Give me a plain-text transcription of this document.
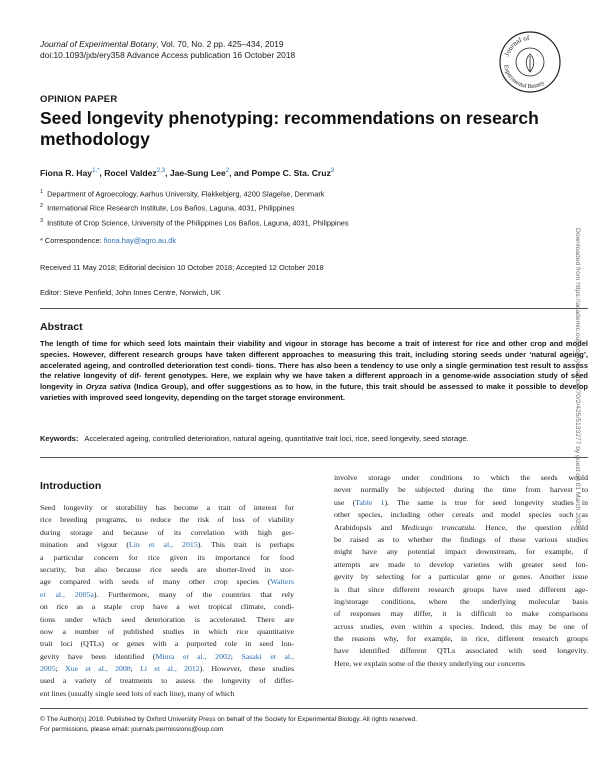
Journal of Experimental Botany, Vol. 70, No. 2 pp. 425–434, 2019
doi:10.1093/jxb/ery358 Advance Access publication 16 October 2018	Journal of
Experimental Botany
OPINION PAPER
Seed longevity phenotyping: recommendations on research methodology
Fiona R. Hay$^{1,*}$, Rocel Valdez$^{2,3}$, Jae-Sung Lee$^2$, and Pompe C. Sta. Cruz$^3$
$^1$ Department of Agroecology, Aarhus University, Flakkebjerg, 4200 Slagelse, Denmark
$^2$ International Rice Research Institute, Los Baños, Laguna, 4031, Philippines
$^3$ Institute of Crop Science, University of the Philippines Los Baños, Laguna, 4031, Philippines
* Correspondence: fiona.hay@agro.au.dk
Received 11 May 2018; Editorial decision 10 October 2018; Accepted 12 October 2018
Editor: Steve Penfield, John Innes Centre, Norwich, UK
Abstract
The length of time for which seed lots maintain their viability and vigour in storage has become a trait of interest for rice and other crop and model species. However, different research groups have taken different approaches to measuring this trait, including storing seeds under ‘natural ageing’, accelerated ageing, and controlled deterioration test condi- tions. There has also been a tendency to use only a single germination test result to assess the relative longevity of dif- ferent genotypes. Here, we explain why we have taken a different approach in a genome-wide association study of seed longevity in Oryza sativa (Indica Group), and offer suggestions as to how, in the future, this trait should be assessed to make it possible to develop varieties with improved seed longevity, depending on the target storage environment.
Keywords: Accelerated ageing, controlled deterioration, natural ageing, quantitative trait loci, rice, seed longevity, seed storage.
Introduction
Seed longevity or storability has become a trait of interest for
rice breeding programs, to reduce the risk of loss of viability
during storage and because of its correlation with high ger-
mination and vigour (Lin et al., 2015). This trait is perhaps
a particular concern for rice given its importance for food
security, but also because rice seeds are shorter-lived in stor-
age compared with seeds of many other crop species (Walters
et al., 2005a). Furthermore, many of the countries that rely
on rice as a staple crop have a wet tropical climate, condi-
tions under which seed deterioration is accelerated. There are
now a number of published studies in which rice quantitative
trait loci (QTLs) or genes with a purported role in seed lon-
gevity have been identified (Miura et al., 2002; Sasaki et al.,
2005; Xue et al., 2008; Li et al., 2012). However, these studies
used a variety of treatments to assess the longevity of differ-
ent lines (usually single seed lots of each line), many of which
involve storage under conditions to which the seeds would
never normally be subjected during the time from harvest to
use (Table 1). The same is true for seed longevity studies in
other species, including other cereals and model species such as
Arabidopsis and Medicago truncatula. Hence, the question could
be raised as to whether the findings of these various studies
might have any potential impact downstream, for example, if
attempts are made to develop varieties with greater seed lon-
gevity by selecting for a particular gene or genes. Another issue
is that since different research groups have used different age-
ing/storage conditions, where the underlying molecular basis
of responses may differ, it is difficult to make comparisons
across studies, even within a species. Indeed, this may be one of
the reasons why, for example, in rice, different research groups
have identified different QTLs associated with seed longevity.
Here, we explain some of the theory underlying our concerns
© The Author(s) 2018. Published by Oxford University Press on behalf of the Society for Experimental Biology. All rights reserved.
For permissions, please email: journals.permissions@oup.com
Downloaded from https://academic.oup.com/jxb/article/70/2/425/5133277 by guest on 01 March 2023
